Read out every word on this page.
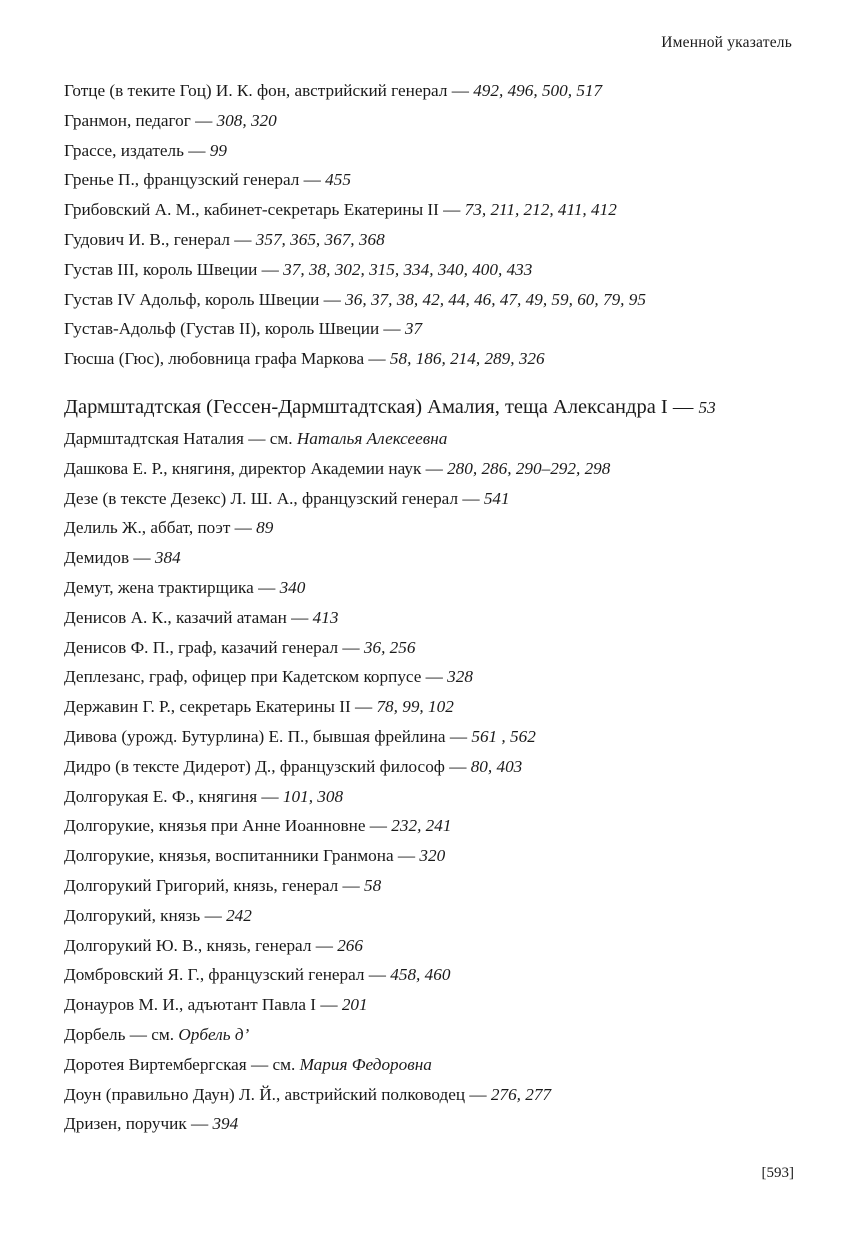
Именной указатель

Готце (в теките Гоц) И. К. фон, австрийский генерал — 492, 496, 500, 517

Гранмон, педагог — 308, 320

Грассе, издатель — 99

Гренье П., французский генерал — 455

Грибовский А. М., кабинет-секретарь Екатерины II — 73, 211, 212, 411, 412

Гудович И. В., генерал — 357, 365, 367, 368

Густав III, король Швеции — 37, 38, 302, 315, 334, 340, 400, 433

Густав IV Адольф, король Швеции — 36, 37, 38, 42, 44, 46, 47, 49, 59, 60, 79, 95

Густав-Адольф (Густав II), король Швеции — 37

Гюсша (Гюс), любовница графа Маркова — 58, 186, 214, 289, 326

Дармштадтская (Гессен-Дармштадтская) Амалия, теща Александра I — 53

Дармштадтская Наталия — см. Наталья Алексеевна

Дашкова Е. Р., княгиня, директор Академии наук — 280, 286, 290–292, 298

Дезе (в тексте Дезекс) Л. Ш. А., французский генерал — 541

Делиль Ж., аббат, поэт — 89

Демидов — 384

Демут, жена трактирщика — 340

Денисов А. К., казачий атаман — 413

Денисов Ф. П., граф, казачий генерал — 36, 256

Деплезанс, граф, офицер при Кадетском корпусе — 328

Державин Г. Р., секретарь Екатерины II — 78, 99, 102

Дивова (урожд. Бутурлина) Е. П., бывшая фрейлина — 561 , 562

Дидро (в тексте Дидерот) Д., французский философ — 80, 403

Долгорукая Е. Ф., княгиня — 101, 308

Долгорукие, князья при Анне Иоанновне — 232, 241

Долгорукие, князья, воспитанники Гранмона — 320

Долгорукий Григорий, князь, генерал — 58

Долгорукий, князь — 242

Долгорукий Ю. В., князь, генерал — 266

Домбровский Я. Г., французский генерал — 458, 460

Донауров М. И., адъютант Павла I — 201

Дорбель — см. Орбель д’

Доротея Виртембергская — см. Мария Федоровна

Доун (правильно Даун) Л. Й., австрийский полководец — 276, 277

Дризен, поручик — 394

[593]
